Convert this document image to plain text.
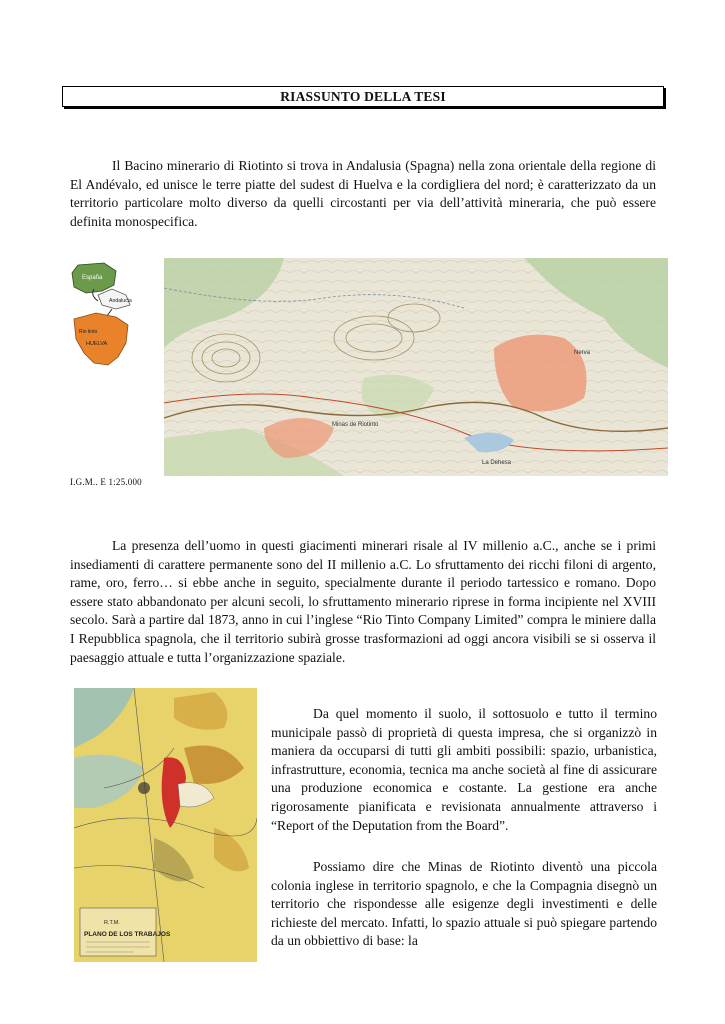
RIASSUNTO DELLA TESI

Il Bacino minerario di Riotinto si trova in Andalusia (Spagna) nella zona orientale della regione di El Andévalo, ed unisce le terre piatte del sudest di Huelva e la cordigliera del nord; è caratterizzato da un territorio particolare molto diverso da quelli circostanti per via dell’attività mineraria, che può essere definita monospecifica.

España
Andalucia
Rio tinto
HUELVA
Minas de Riotinto
Nerva
La Dehesa
I.G.M.. E 1:25.000

La presenza dell’uomo in questi giacimenti minerari risale al IV millenio a.C., anche se i primi insediamenti di carattere permanente sono del II millenio a.C. Lo sfruttamento dei ricchi filoni di argento, rame, oro, ferro… si ebbe anche in seguito, specialmente durante il periodo tartessico e romano. Dopo essere stato abbandonato per alcuni secoli, lo sfruttamento minerario riprese in forma incipiente nel XVIII secolo. Sarà a partire dal 1873, anno in cui l’inglese “Rio Tinto Company Limited” compra le miniere dalla I Repubblica spagnola, che il territorio subirà grosse trasformazioni ad oggi ancora visibili se si osserva il paesaggio attuale e tutta l’organizzazione spaziale.

R.T.M.
PLANO DE LOS TRABAJOS

Da quel momento il suolo, il sottosuolo e tutto il termino municipale passò di proprietà di questa impresa, che si organizzò in maniera da occuparsi di tutti gli ambiti possibili: spazio, urbanistica, infrastrutture, economia, tecnica ma anche società al fine di assicurare una produzione economica e costante. La gestione era anche rigorosamente pianificata e revisionata annualmente attraverso i “Report of the Deputation from the Board”.

Possiamo dire che Minas de Riotinto diventò una piccola colonia inglese in territorio spagnolo, e che la Compagnia disegnò un territorio che rispondesse alle esigenze degli investimenti e delle richieste del mercato. Infatti, lo spazio attuale si può spiegare partendo da un obbiettivo di base: la
